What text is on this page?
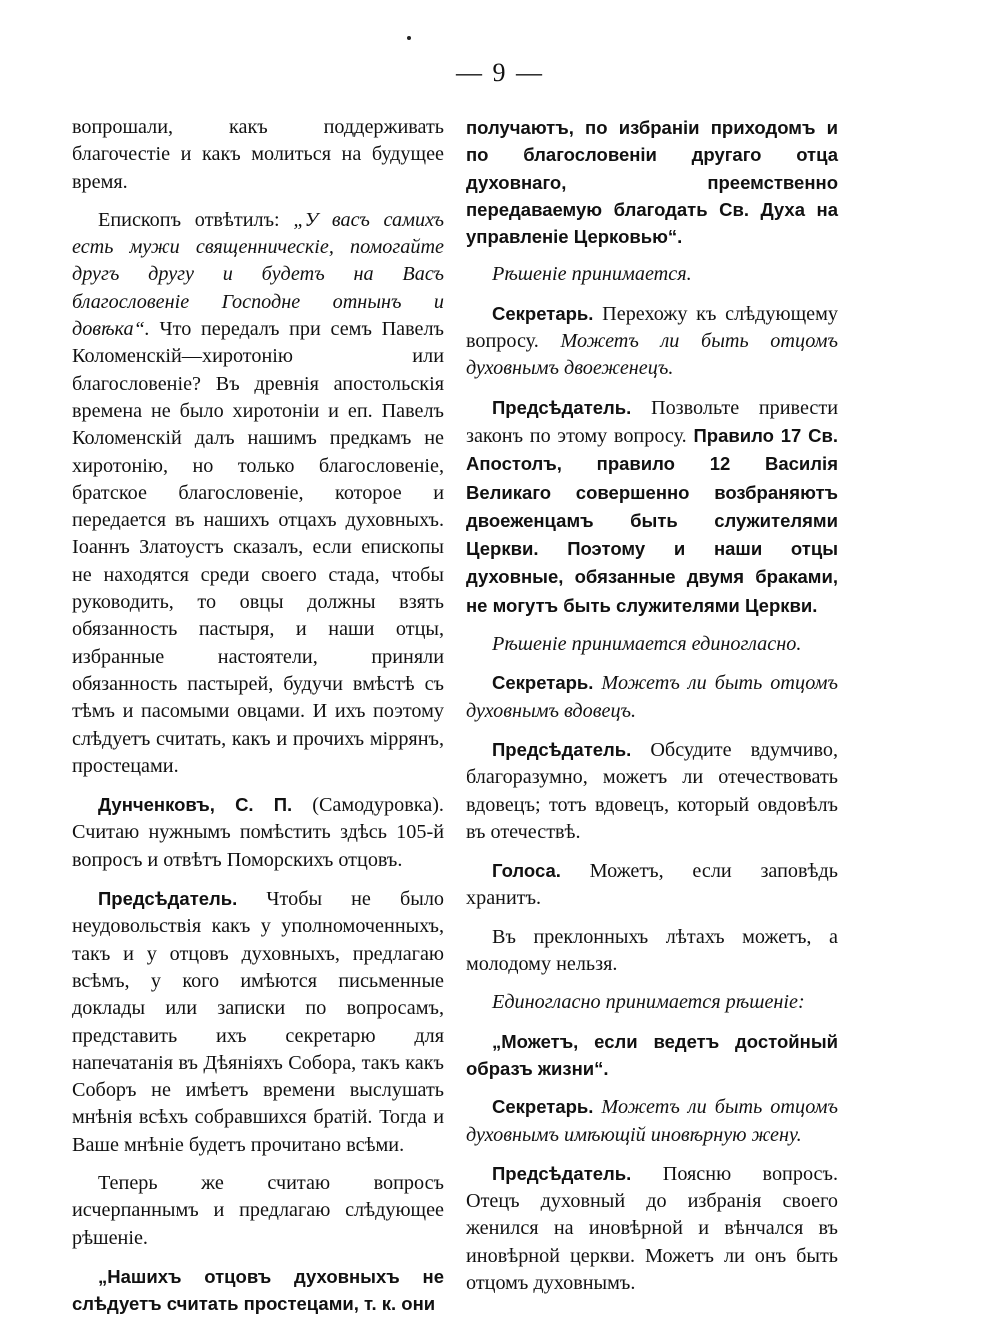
— 9 —

вопрошали, какъ поддерживать благочестіе и какъ молиться на будущее время.

Епископъ отвѣтилъ: „У васъ самихъ есть мужи священническіе, помогайте другъ другу и будетъ на Васъ благословеніе Господне отнынъ и довѣка“. Что передалъ при семъ Павелъ Коломенскій—хиротонію или благословеніе? Въ древнія апостольскія времена не было хиротоніи и еп. Павелъ Коломенскій далъ нашимъ предкамъ не хиротонію, но только благословеніе, братское благословеніе, которое и передается въ нашихъ отцахъ духовныхъ. Іоаннъ Златоустъ сказалъ, если епископы не находятся среди своего стада, чтобы руководить, то овцы должны взять обязанность пастыря, и наши отцы, избранные настоятели, приняли обязанность пастырей, будучи вмѣстѣ съ тѣмъ и пасомыми овцами. И ихъ поэтому слѣдуетъ считать, какъ и прочихъ міррянъ, простецами.

Дунченковъ, С. П. (Самодуровка). Считаю нужнымъ помѣстить здѣсь 105-й вопросъ и отвѣтъ Поморскихъ отцовъ.

Предсѣдатель. Чтобы не было неудовольствія какъ у уполномоченныхъ, такъ и у отцовъ духовныхъ, предлагаю всѣмъ, у кого имѣются письменные доклады или записки по вопросамъ, представить ихъ секретарю для напечатанія въ Дѣяніяхъ Собора, такъ какъ Соборъ не имѣетъ времени выслушать мнѣнія всѣхъ собравшихся братій. Тогда и Ваше мнѣніе будетъ прочитано всѣми.

Теперь же считаю вопросъ исчерпаннымъ и предлагаю слѣдующее рѣшеніе.

„Нашихъ отцовъ духовныхъ не слѣдуетъ считать простецами, т. к. они

получаютъ, по избраніи приходомъ и по благословеніи другаго отца духовнаго, преемственно передаваемую благодать Св. Духа на управленіе Церковью“.

Рѣшеніе принимается.

Секретарь. Перехожу къ слѣдующему вопросу. Можетъ ли быть отцомъ духовнымъ двоеженецъ.

Предсѣдатель. Позвольте привести законъ по этому вопросу. Правило 17 Св. Апостолъ, правило 12 Василія Великаго совершенно возбраняютъ двоеженцамъ быть служителями Церкви. Поэтому и наши отцы духовные, обязанные двумя браками, не могутъ быть служителями Церкви.

Рѣшеніе принимается единогласно.

Секретарь. Можетъ ли быть отцомъ духовнымъ вдовецъ.

Предсѣдатель. Обсудите вдумчиво, благоразумно, можетъ ли отечествовать вдовецъ; тотъ вдовецъ, который овдовѣлъ въ отечествѣ.

Голоса. Можетъ, если заповѣдь хранитъ.

Въ преклонныхъ лѣтахъ можетъ, а молодому нельзя.

Единогласно принимается рѣшеніе:

„Можетъ, если ведетъ достойный образъ жизни“.

Секретарь. Можетъ ли быть отцомъ духовнымъ имѣющій иновѣрную жену.

Предсѣдатель. Поясню вопросъ. Отецъ духовный до избранія своего женился на иновѣрной и вѣнчался въ иновѣрной церкви. Можетъ ли онъ быть отцомъ духовнымъ.
